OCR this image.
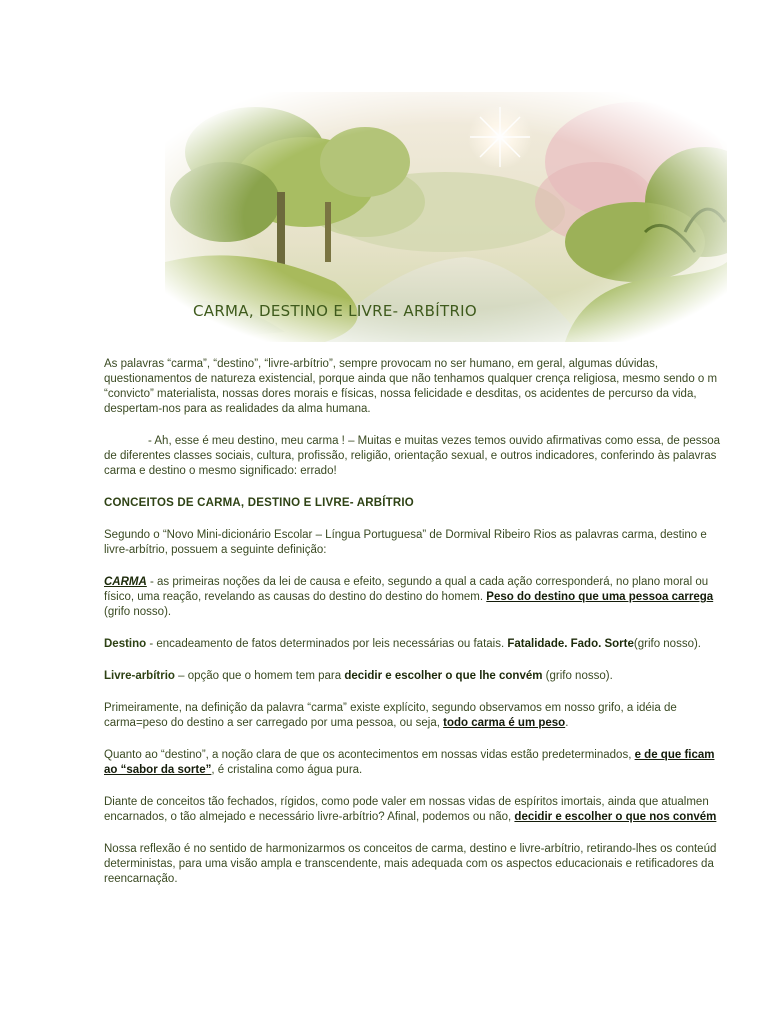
CARMA, DESTINO E LIVRE- ARBÍTRIO

As palavras “carma”, “destino”, “livre-arbítrio”, sempre provocam no ser humano, em geral, algumas dúvidas,
questionamentos de natureza existencial, porque ainda que não tenhamos qualquer crença religiosa, mesmo sendo o m
“convicto” materialista, nossas dores morais e físicas, nossa felicidade e desditas, os acidentes de percurso da vida,
despertam-nos para as realidades da alma humana.

- Ah, esse é meu destino, meu carma ! – Muitas e muitas vezes temos ouvido afirmativas como essa, de pessoa
de diferentes classes sociais, cultura, profissão, religião, orientação sexual, e outros indicadores, conferindo às palavras
carma e destino o mesmo significado: errado!

CONCEITOS DE CARMA, DESTINO E LIVRE- ARBÍTRIO

Segundo o “Novo Mini-dicionário Escolar – Língua Portuguesa” de Dormival Ribeiro Rios as palavras carma, destino e
livre-arbítrio, possuem a seguinte definição:

CARMA - as primeiras noções da lei de causa e efeito, segundo a qual a cada ação corresponderá, no plano moral ou
físico, uma reação, revelando as causas do destino do destino do homem. Peso do destino que uma pessoa carrega
(grifo nosso).

Destino - encadeamento de fatos determinados por leis necessárias ou fatais. Fatalidade. Fado. Sorte(grifo nosso).

Livre-arbítrio – opção que o homem tem para decidir e escolher o que lhe convém (grifo nosso).

Primeiramente, na definição da palavra “carma” existe explícito, segundo observamos em nosso grifo, a idéia de
carma=peso do destino a ser carregado por uma pessoa, ou seja, todo carma é um peso.

Quanto ao “destino”, a noção clara de que os acontecimentos em nossas vidas estão predeterminados, e de que ficam
ao “sabor da sorte”, é cristalina como água pura.

Diante de conceitos tão fechados, rígidos, como pode valer em nossas vidas de espíritos imortais, ainda que atualmen
encarnados, o tão almejado e necessário livre-arbítrio? Afinal, podemos ou não, decidir e escolher o que nos convém

Nossa reflexão é no sentido de harmonizarmos os conceitos de carma, destino e livre-arbítrio, retirando-lhes os conteúd
deterministas, para uma visão ampla e transcendente, mais adequada com os aspectos educacionais e retificadores da
reencarnação.
